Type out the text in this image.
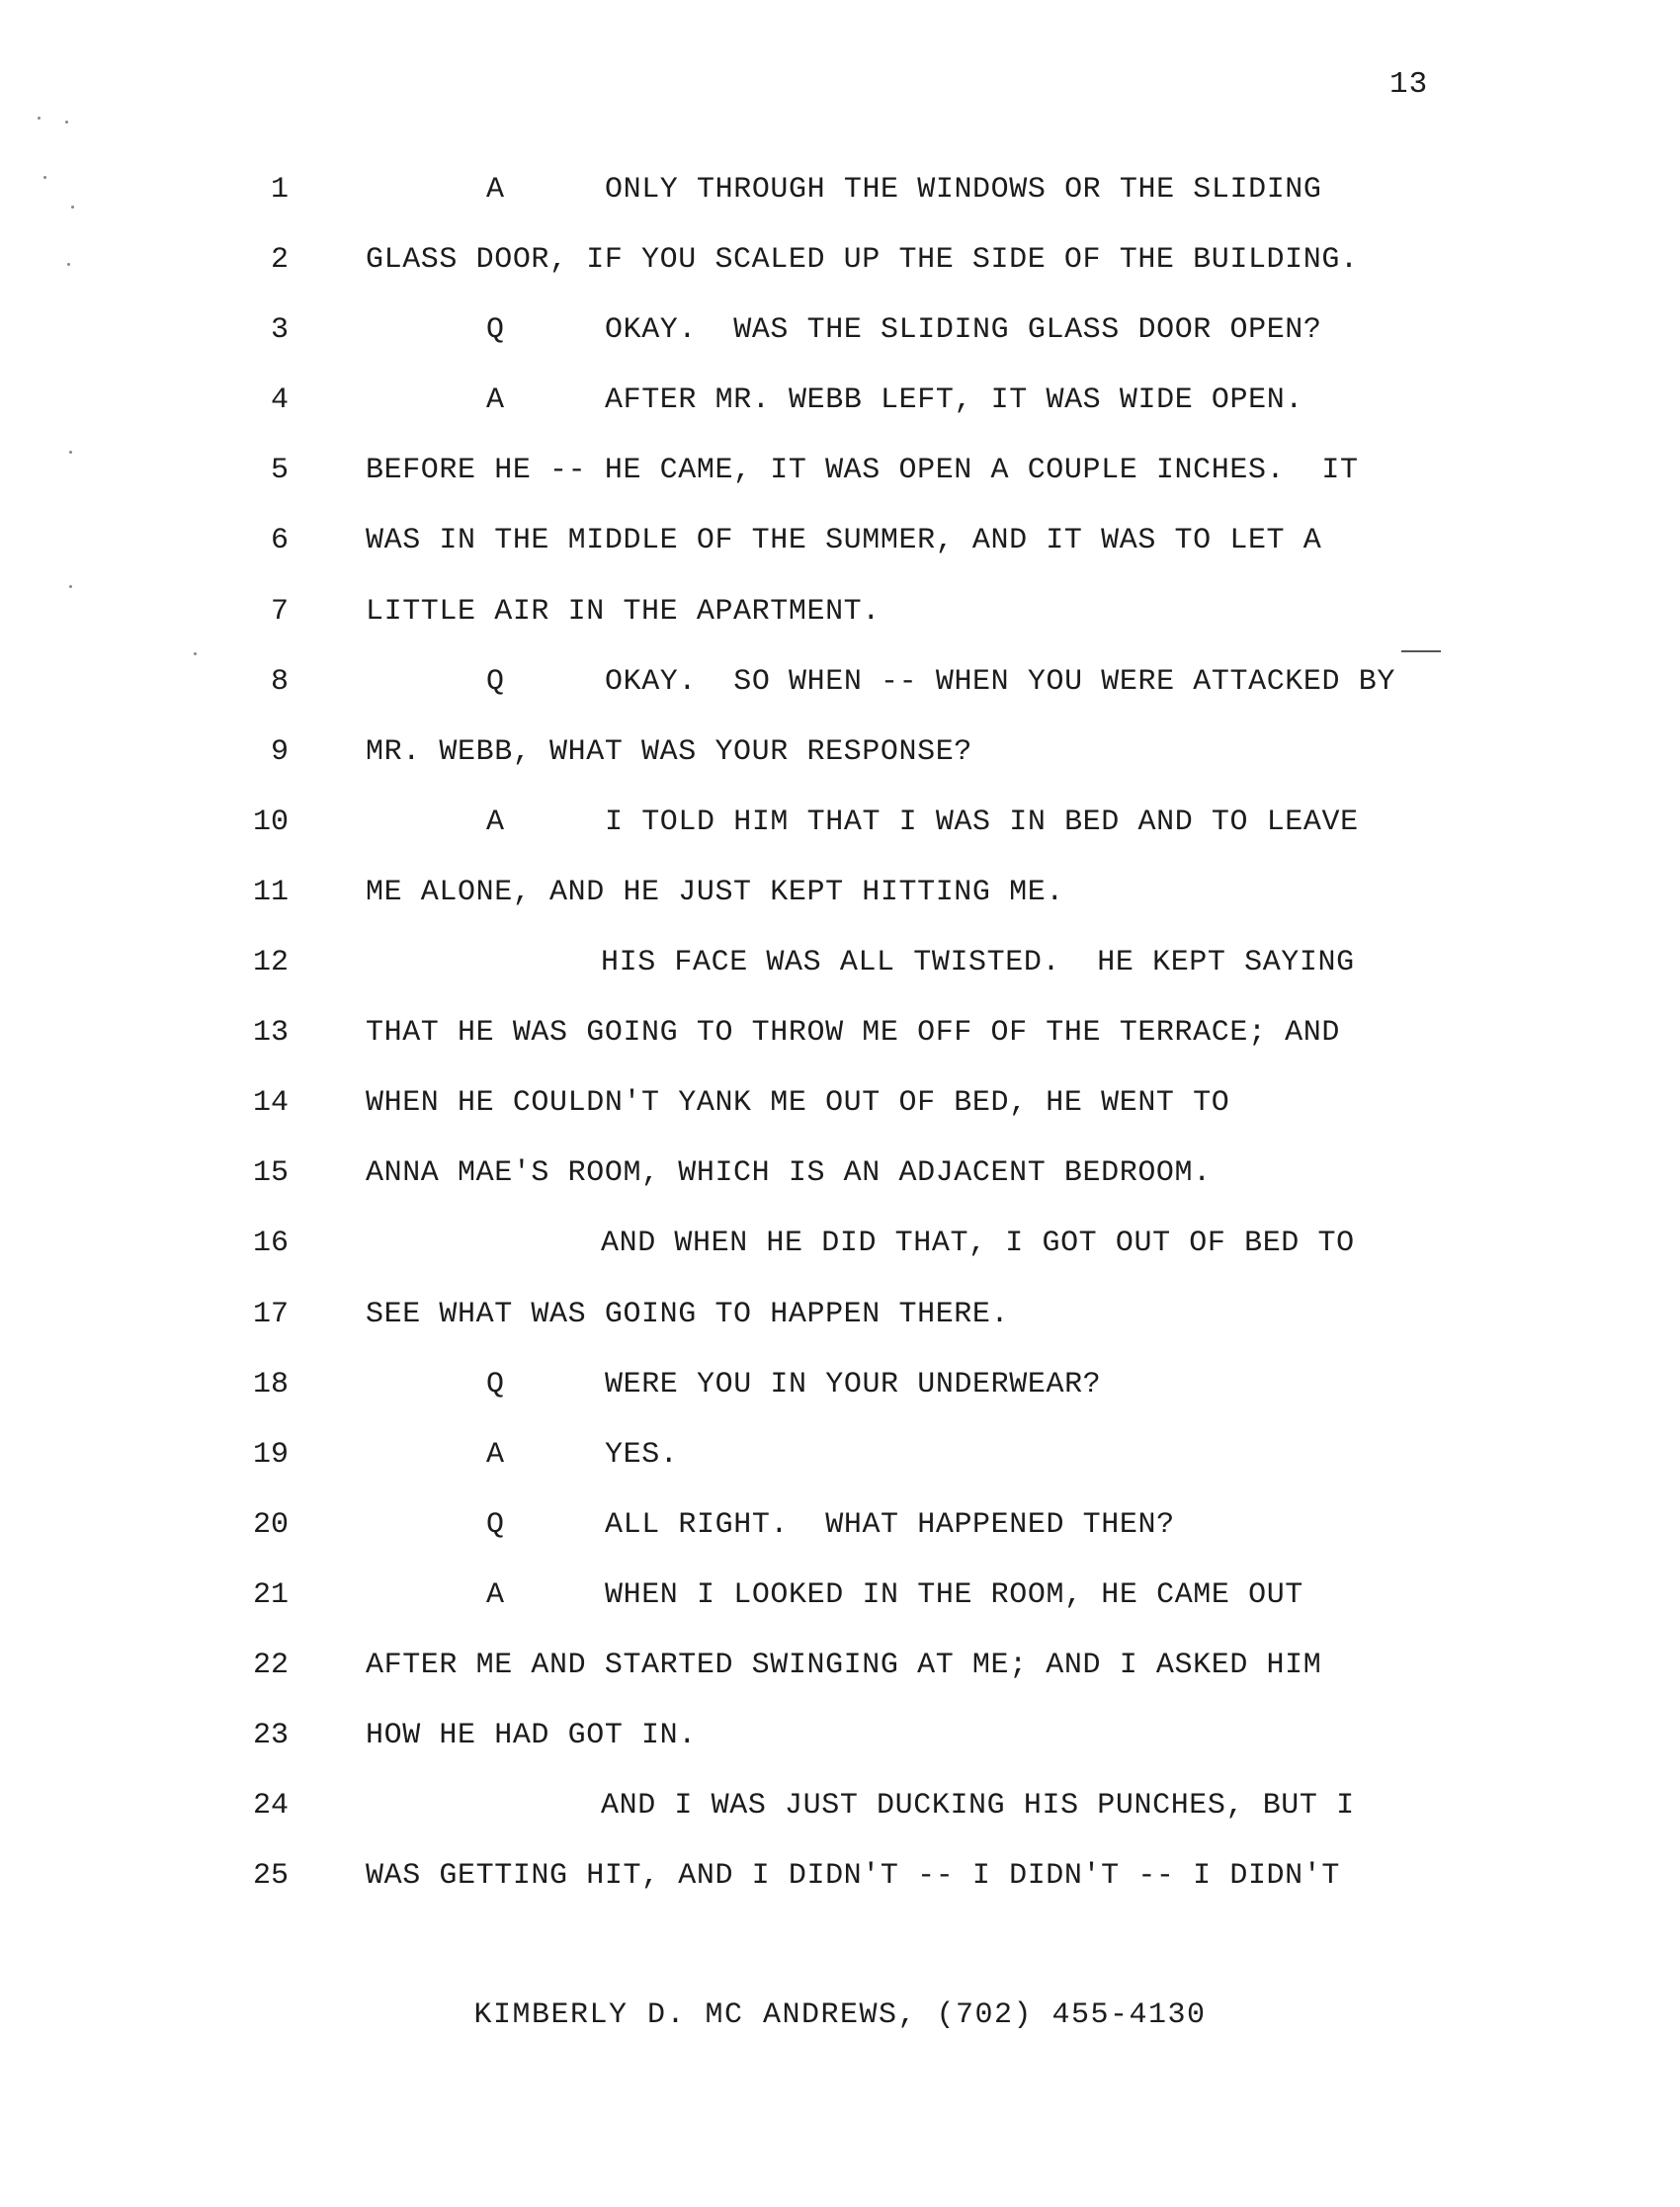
13
1	A	ONLY THROUGH THE WINDOWS OR THE SLIDING
2	GLASS DOOR, IF YOU SCALED UP THE SIDE OF THE BUILDING.
3	Q	OKAY.  WAS THE SLIDING GLASS DOOR OPEN?
4	A	AFTER MR. WEBB LEFT, IT WAS WIDE OPEN.
5	BEFORE HE -- HE CAME, IT WAS OPEN A COUPLE INCHES.  IT
6	WAS IN THE MIDDLE OF THE SUMMER, AND IT WAS TO LET A
7	LITTLE AIR IN THE APARTMENT.
8	Q	OKAY.  SO WHEN -- WHEN YOU WERE ATTACKED BY
9	MR. WEBB, WHAT WAS YOUR RESPONSE?
10	A	I TOLD HIM THAT I WAS IN BED AND TO LEAVE
11	ME ALONE, AND HE JUST KEPT HITTING ME.
12	HIS FACE WAS ALL TWISTED.  HE KEPT SAYING
13	THAT HE WAS GOING TO THROW ME OFF OF THE TERRACE; AND
14	WHEN HE COULDN'T YANK ME OUT OF BED, HE WENT TO
15	ANNA MAE'S ROOM, WHICH IS AN ADJACENT BEDROOM.
16	AND WHEN HE DID THAT, I GOT OUT OF BED TO
17	SEE WHAT WAS GOING TO HAPPEN THERE.
18	Q	WERE YOU IN YOUR UNDERWEAR?
19	A	YES.
20	Q	ALL RIGHT.  WHAT HAPPENED THEN?
21	A	WHEN I LOOKED IN THE ROOM, HE CAME OUT
22	AFTER ME AND STARTED SWINGING AT ME; AND I ASKED HIM
23	HOW HE HAD GOT IN.
24	AND I WAS JUST DUCKING HIS PUNCHES, BUT I
25	WAS GETTING HIT, AND I DIDN'T -- I DIDN'T -- I DIDN'T
KIMBERLY D. MC ANDREWS, (702) 455-4130
